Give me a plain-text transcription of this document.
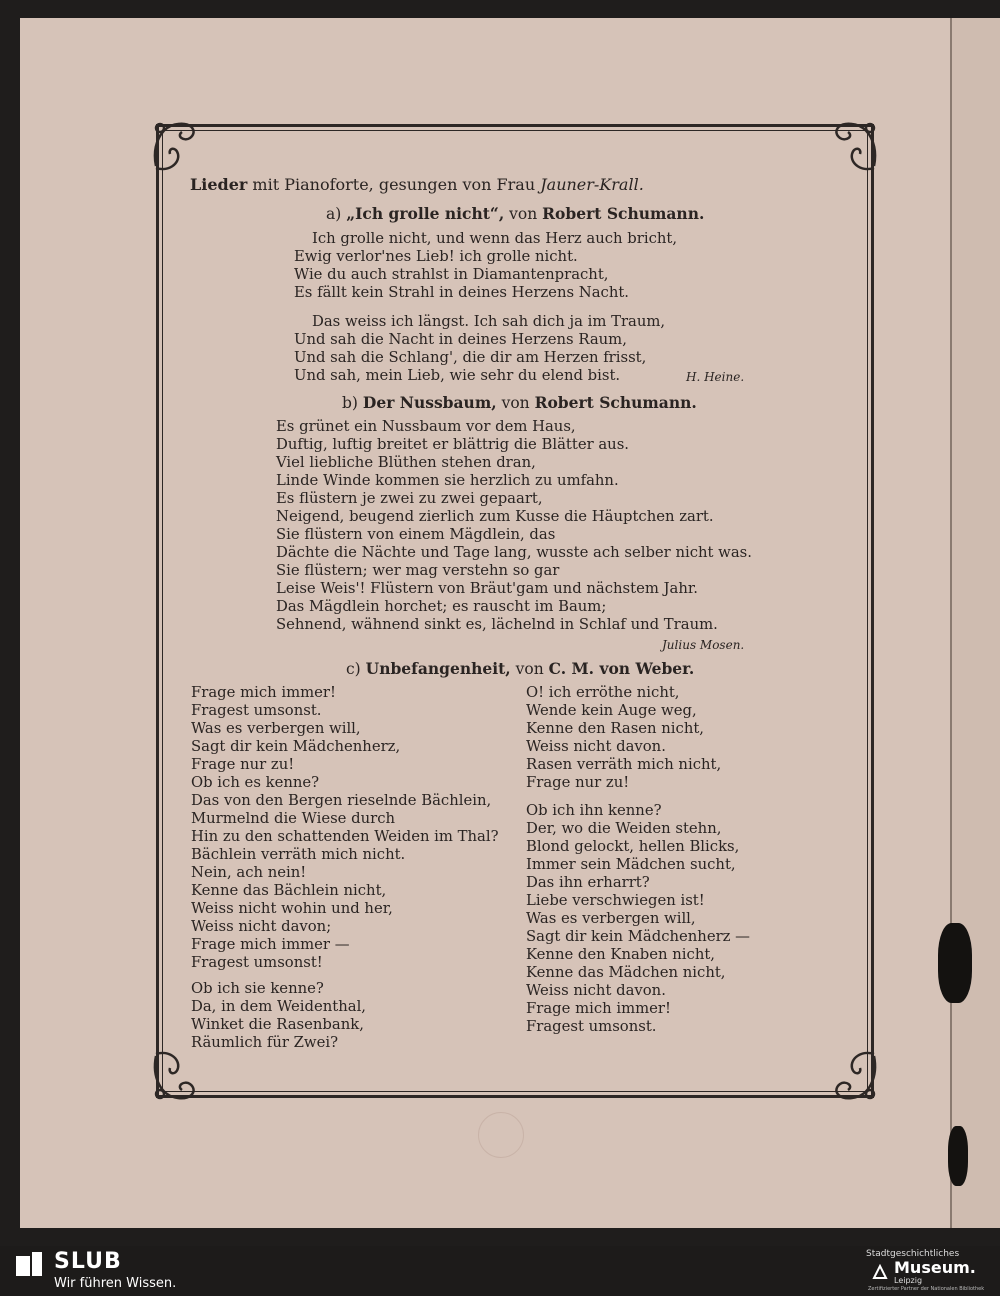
Lieder mit Pianoforte, gesungen von Frau Jauner-Krall.
a) „Ich grolle nicht“, von Robert Schumann.
Ich grolle nicht, und wenn das Herz auch bricht,
Ewig verlor'nes Lieb! ich grolle nicht.
Wie du auch strahlst in Diamantenpracht,
Es fällt kein Strahl in deines Herzens Nacht.
Das weiss ich längst. Ich sah dich ja im Traum,
Und sah die Nacht in deines Herzens Raum,
Und sah die Schlang', die dir am Herzen frisst,
Und sah, mein Lieb, wie sehr du elend bist.	H. Heine.
b) Der Nussbaum, von Robert Schumann.
Es grünet ein Nussbaum vor dem Haus,
Duftig, luftig breitet er blättrig die Blätter aus.
Viel liebliche Blüthen stehen dran,
Linde Winde kommen sie herzlich zu umfahn.
Es flüstern je zwei zu zwei gepaart,
Neigend, beugend zierlich zum Kusse die Häuptchen zart.
Sie flüstern von einem Mägdlein, das
Dächte die Nächte und Tage lang, wusste ach selber nicht was.
Sie flüstern; wer mag verstehn so gar
Leise Weis'! Flüstern von Bräut'gam und nächstem Jahr.
Das Mägdlein horchet; es rauscht im Baum;
Sehnend, wähnend sinkt es, lächelnd in Schlaf und Traum.
Julius Mosen.
c) Unbefangenheit, von C. M. von Weber.
Frage mich immer!
Fragest umsonst.
Was es verbergen will,
Sagt dir kein Mädchenherz,
Frage nur zu!
Ob ich es kenne?
Das von den Bergen rieselnde Bächlein,
Murmelnd die Wiese durch
Hin zu den schattenden Weiden im Thal?
Bächlein verräth mich nicht.
Nein, ach nein!
Kenne das Bächlein nicht,
Weiss nicht wohin und her,
Weiss nicht davon;
Frage mich immer —
Fragest umsonst!
Ob ich sie kenne?
Da, in dem Weidenthal,
Winket die Rasenbank,
Räumlich für Zwei?
O! ich erröthe nicht,
Wende kein Auge weg,
Kenne den Rasen nicht,
Weiss nicht davon.
Rasen verräth mich nicht,
Frage nur zu!
Ob ich ihn kenne?
Der, wo die Weiden stehn,
Blond gelockt, hellen Blicks,
Immer sein Mädchen sucht,
Das ihn erharrt?
Liebe verschwiegen ist!
Was es verbergen will,
Sagt dir kein Mädchenherz —
Kenne den Knaben nicht,
Kenne das Mädchen nicht,
Weiss nicht davon.
Frage mich immer!
Fragest umsonst.
SLUB
Wir führen Wissen.
Stadtgeschichtliches
Museum.
Leipzig
Zertifizierter Partner der Nationalen Bibliothek
